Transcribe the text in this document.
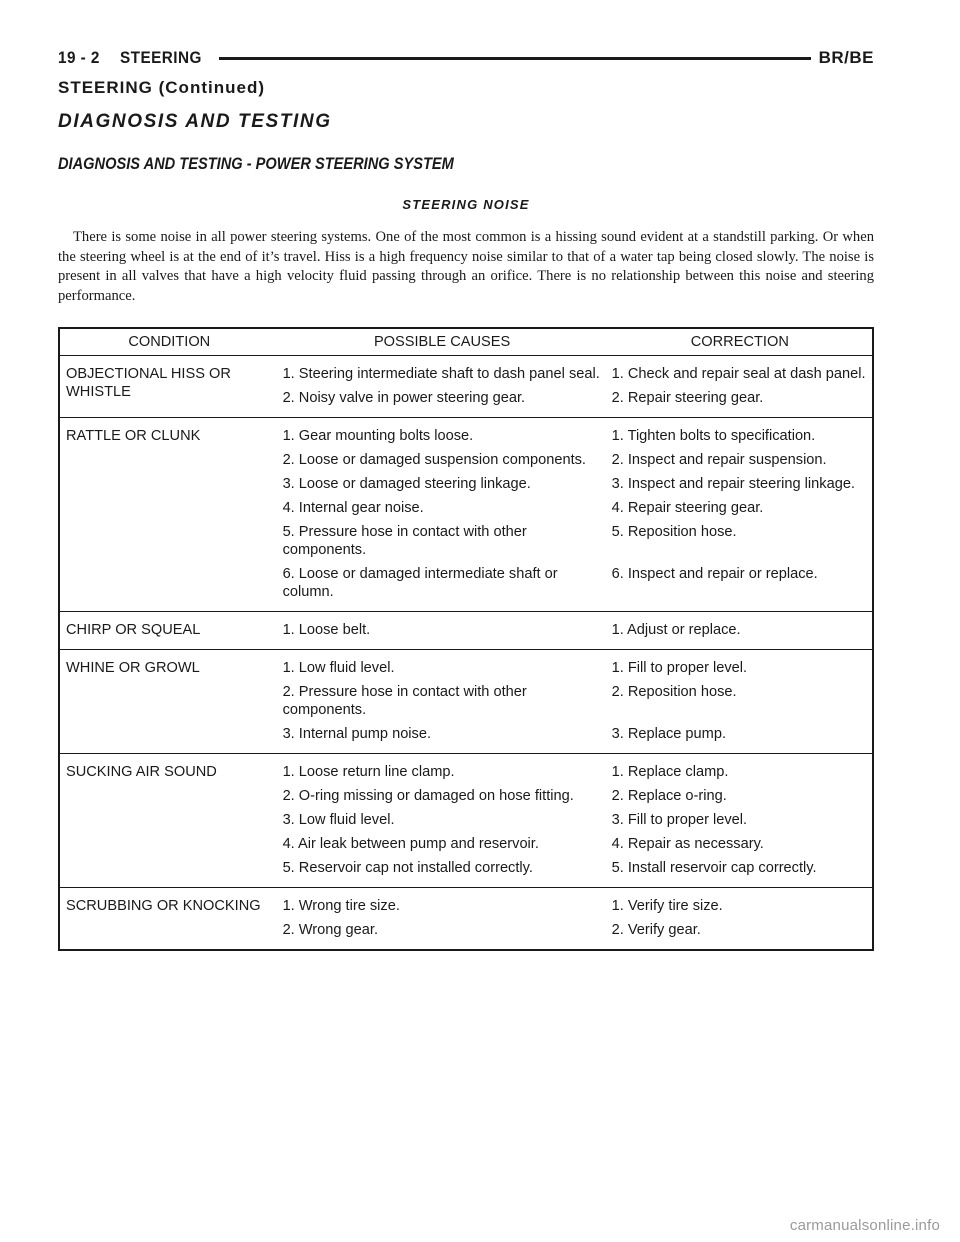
19 - 2 STEERING	BR/BE
STEERING (Continued)
DIAGNOSIS AND TESTING
DIAGNOSIS AND TESTING - POWER STEERING SYSTEM
STEERING NOISE

There is some noise in all power steering systems. One of the most common is a hissing sound evident at a standstill parking. Or when the steering wheel is at the end of it’s travel. Hiss is a high frequency noise similar to that of a water tap being closed slowly. The noise is present in all valves that have a high velocity fluid passing through an orifice. There is no relationship between this noise and steering performance.

CONDITION	POSSIBLE CAUSES	CORRECTION
OBJECTIONAL HISS OR WHISTLE	1. Steering intermediate shaft to dash panel seal.	1. Check and repair seal at dash panel.
	2. Noisy valve in power steering gear.	2. Repair steering gear.
RATTLE OR CLUNK	1. Gear mounting bolts loose.	1. Tighten bolts to specification.
	2. Loose or damaged suspension components.	2. Inspect and repair suspension.
	3. Loose or damaged steering linkage.	3. Inspect and repair steering linkage.
	4. Internal gear noise.	4. Repair steering gear.
	5. Pressure hose in contact with other components.	5. Reposition hose.
	6. Loose or damaged intermediate shaft or column.	6. Inspect and repair or replace.
CHIRP OR SQUEAL	1. Loose belt.	1. Adjust or replace.
WHINE OR GROWL	1. Low fluid level.	1. Fill to proper level.
	2. Pressure hose in contact with other components.	2. Reposition hose.
	3. Internal pump noise.	3. Replace pump.
SUCKING AIR SOUND	1. Loose return line clamp.	1. Replace clamp.
	2. O-ring missing or damaged on hose fitting.	2. Replace o-ring.
	3. Low fluid level.	3. Fill to proper level.
	4. Air leak between pump and reservoir.	4. Repair as necessary.
	5. Reservoir cap not installed correctly.	5. Install reservoir cap correctly.
SCRUBBING OR KNOCKING	1. Wrong tire size.	1. Verify tire size.
	2. Wrong gear.	2. Verify gear.
carmanualsonline.info
